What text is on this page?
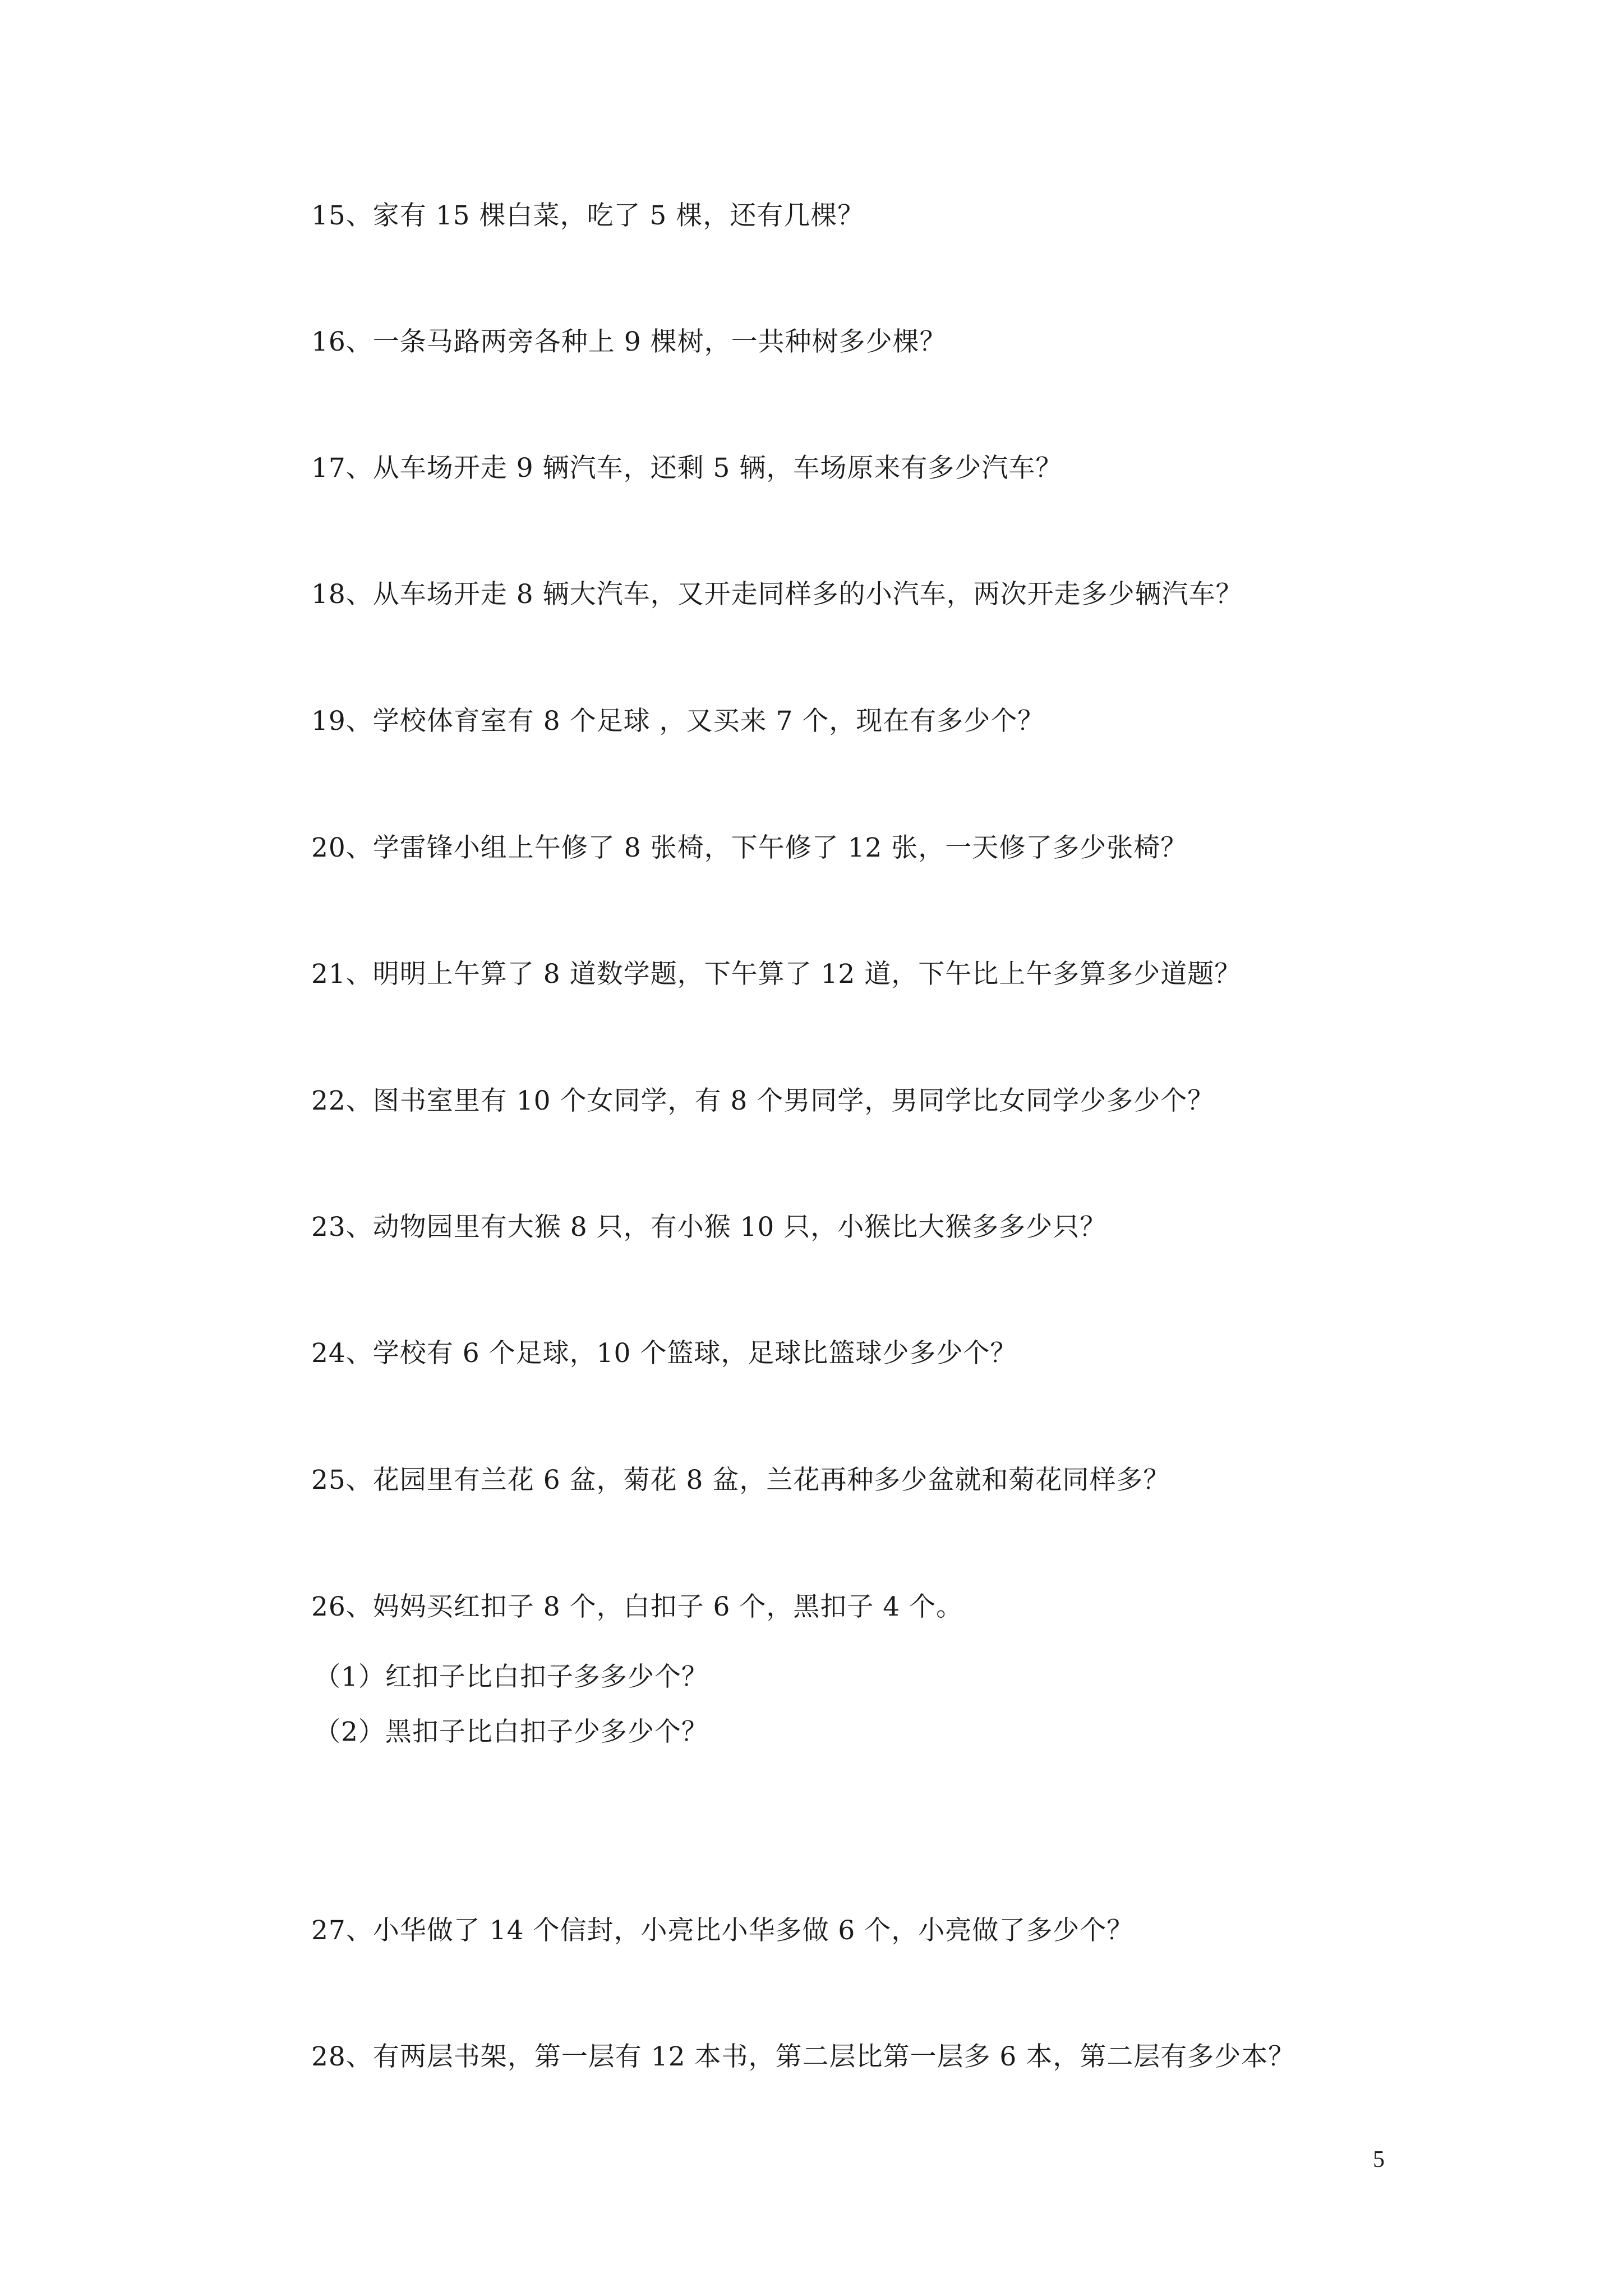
15、家有 15 棵白菜，吃了 5 棵，还有几棵？
16、一条马路两旁各种上 9 棵树，一共种树多少棵？
17、从车场开走 9 辆汽车，还剩 5 辆，车场原来有多少汽车？
18、从车场开走 8 辆大汽车，又开走同样多的小汽车，两次开走多少辆汽车？
19、学校体育室有 8 个足球 ，又买来 7 个，现在有多少个？
20、学雷锋小组上午修了 8 张椅，下午修了 12 张，一天修了多少张椅？
21、明明上午算了 8 道数学题，下午算了 12 道，下午比上午多算多少道题？
22、图书室里有 10 个女同学，有 8 个男同学，男同学比女同学少多少个？
23、动物园里有大猴 8 只，有小猴 10 只，小猴比大猴多多少只？
24、学校有 6 个足球，10 个篮球，足球比篮球少多少个？
25、花园里有兰花 6 盆，菊花 8 盆，兰花再种多少盆就和菊花同样多？
26、妈妈买红扣子 8 个，白扣子 6 个，黑扣子 4 个。
（1）红扣子比白扣子多多少个？
（2）黑扣子比白扣子少多少个？
27、小华做了 14 个信封，小亮比小华多做 6 个，小亮做了多少个？
28、有两层书架，第一层有 12 本书，第二层比第一层多 6 本，第二层有多少本？
5
